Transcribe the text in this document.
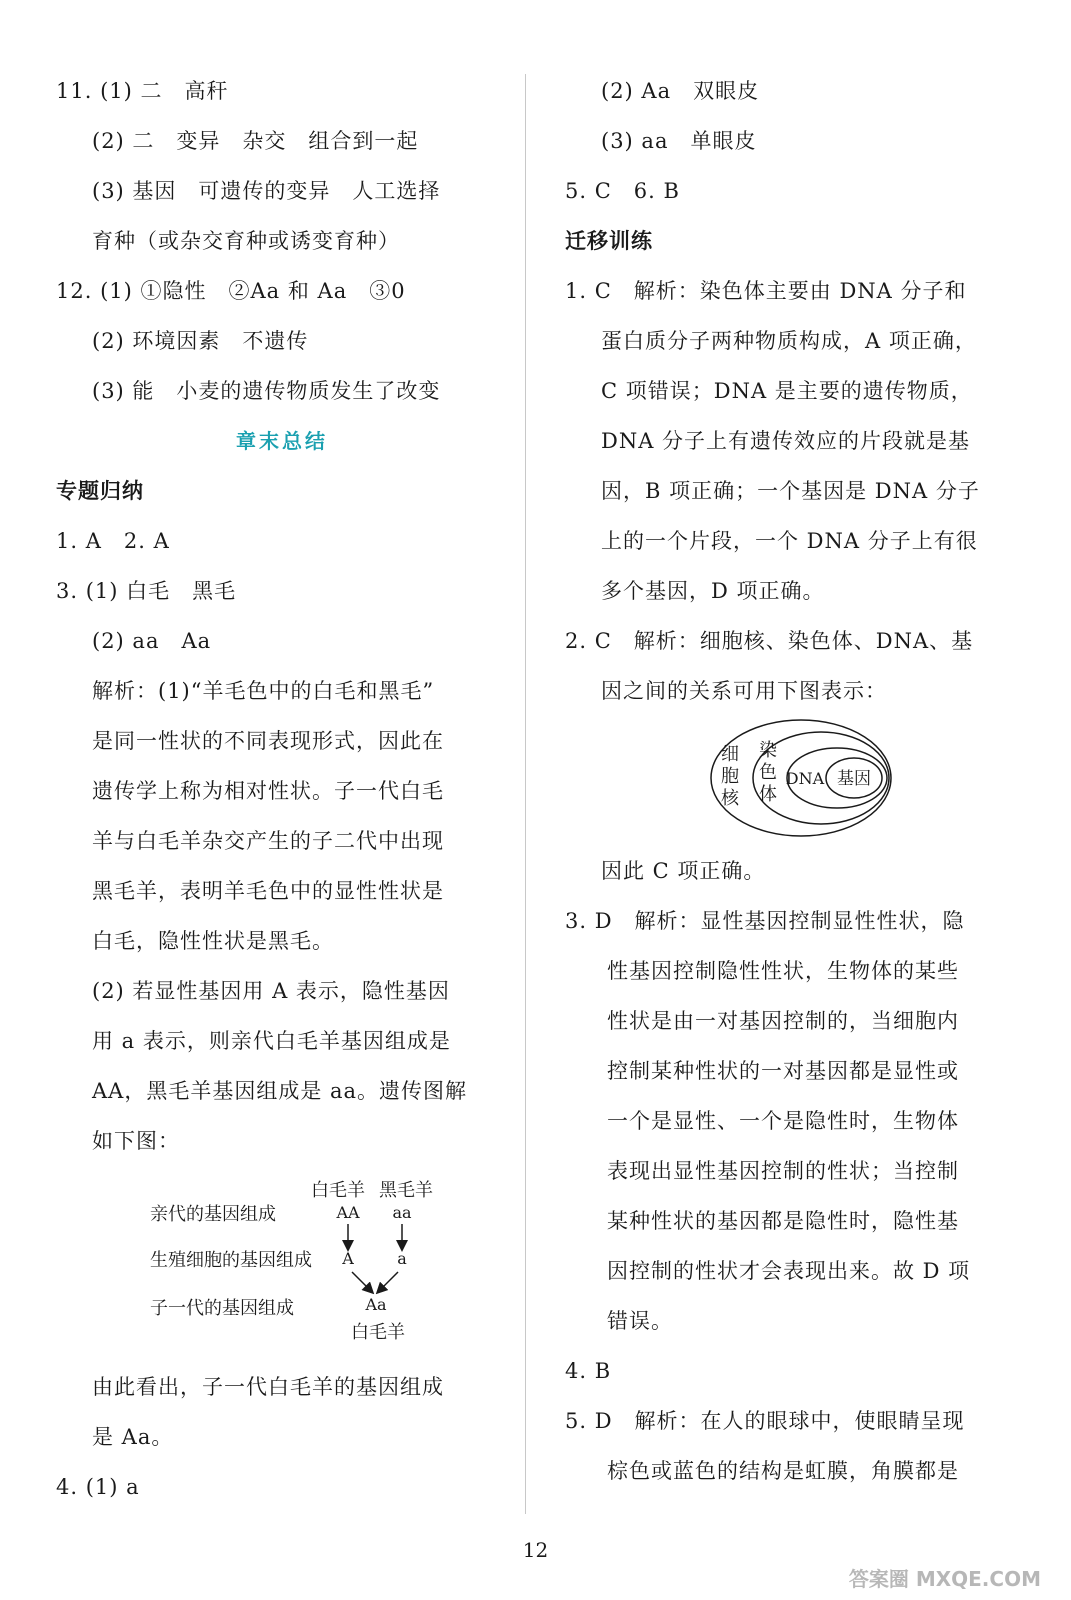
11. (1) 二　高秆
(2) 二　变异　杂交　组合到一起
(3) 基因　可遗传的变异　人工选择
育种（或杂交育种或诱变育种）
12. (1) ①隐性　②Aa 和 Aa　③0
(2) 环境因素　不遗传
(3) 能　小麦的遗传物质发生了改变
章末总结
专题归纳
1. A　2. A
3. (1) 白毛　黑毛
(2) aa　Aa
解析：(1)“羊毛色中的白毛和黑毛”
是同一性状的不同表现形式，因此在
遗传学上称为相对性状。子一代白毛
羊与白毛羊杂交产生的子二代中出现
黑毛羊，表明羊毛色中的显性性状是
白毛，隐性性状是黑毛。
(2) 若显性基因用 A 表示，隐性基因
用 a 表示，则亲代白毛羊基因组成是
AA，黑毛羊基因组成是 aa。遗传图解
如下图：
白毛羊 黑毛羊
亲代的基因组成	AA aa
生殖细胞的基因组成 A	a
子一代的基因组成	Aa
白毛羊
由此看出，子一代白毛羊的基因组成
是 Aa。
4. (1) a
(2) Aa　双眼皮
(3) aa　单眼皮
5. C　6. B
迁移训练
1. C　解析：染色体主要由 DNA 分子和
蛋白质分子两种物质构成，A 项正确，
C 项错误；DNA 是主要的遗传物质，
DNA 分子上有遗传效应的片段就是基
因，B 项正确；一个基因是 DNA 分子
上的一个片段，一个 DNA 分子上有很
多个基因，D 项正确。
2. C　解析：细胞核、染色体、DNA、基
因之间的关系可用下图表示：
细
胞
核
染
色
体
DNA 基因
因此 C 项正确。
3. D　解析：显性基因控制显性性状，隐
性基因控制隐性性状，生物体的某些
性状是由一对基因控制的，当细胞内
控制某种性状的一对基因都是显性或
一个是显性、一个是隐性时，生物体
表现出显性基因控制的性状；当控制
某种性状的基因都是隐性时，隐性基
因控制的性状才会表现出来。故 D 项
错误。
4. B
5. D　解析：在人的眼球中，使眼睛呈现
棕色或蓝色的结构是虹膜，角膜都是
12
答案圈 MXQE.COM
